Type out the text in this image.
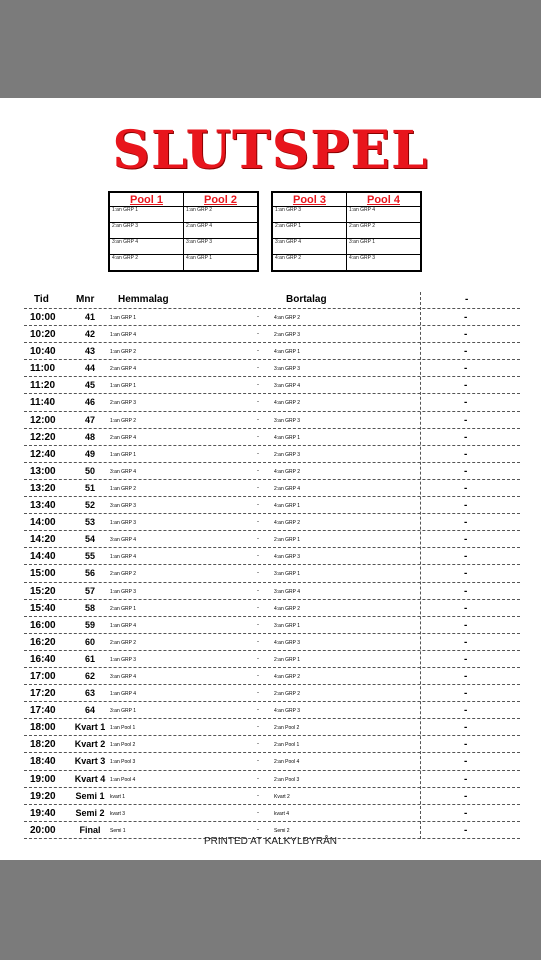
SLUTSPEL
Pool 1	Pool 2
1:an GRP 1	1:an GRP 2
2:an GRP 3	2:an GRP 4
3:an GRP 4	3:an GRP 3
4:an GRP 2	4:an GRP 1
Pool 3	Pool 4
1:an GRP 3	1:an GRP 4
2:an GRP 1	2:an GRP 2
3:an GRP 4	3:an GRP 1
4:an GRP 2	4:an GRP 3
Tid	Mnr Hemmalag	Bortalag	-
10:00	41	1:an GRP 1	-	4:an GRP 2	-
10:20	42	1:an GRP 4	-	2:an GRP 3	-
10:40	43	1:an GRP 2	-	4:an GRP 1	-
11:00	44	2:an GRP 4	-	3:an GRP 3	-
11:20	45	1:an GRP 1	-	3:an GRP 4	-
11:40	46	2:an GRP 3	-	4:an GRP 2	-
12:00	47	1:an GRP 2	-	3:an GRP 3	-
12:20	48	2:an GRP 4	-	4:an GRP 1	-
12:40	49	1:an GRP 1	-	2:an GRP 3	-
13:00	50	3:an GRP 4	-	4:an GRP 2	-
13:20	51	1:an GRP 2	-	2:an GRP 4	-
13:40	52	3:an GRP 3	-	4:an GRP 1	-
14:00	53	1:an GRP 3	-	4:an GRP 2	-
14:20	54	3:an GRP 4	-	2:an GRP 1	-
14:40	55	1:an GRP 4	-	4:an GRP 3	-
15:00	56	2:an GRP 2	-	3:an GRP 1	-
15:20	57	1:an GRP 3	-	3:an GRP 4	-
15:40	58	2:an GRP 1	-	4:an GRP 2	-
16:00	59	1:an GRP 4	-	3:an GRP 1	-
16:20	60	2:an GRP 2	-	4:an GRP 3	-
16:40	61	1:an GRP 3	-	2:an GRP 1	-
17:00	62	3:an GRP 4	-	4:an GRP 2	-
17:20	63	1:an GRP 4	-	2:an GRP 2	-
17:40	64	3:an GRP 1	-	4:an GRP 3	-
18:00	Kvart 1 1:an Pool 1	-	2:an Pool 2	-
18:20	Kvart 2 1:an Pool 2	-	2:an Pool 1	-
18:40	Kvart 3 1:an Pool 3	-	2:an Pool 4	-
19:00	Kvart 4 1:an Pool 4	-	2:an Pool 3	-
19:20	Semi 1	kvart 1	-	Kvart 2	-
19:40	Semi 2	kvart 3	-	kvart 4	-
20:00	Final	Semi 1	-	Semi 2	-
PRINTED AT KALKYLBYRÅN
